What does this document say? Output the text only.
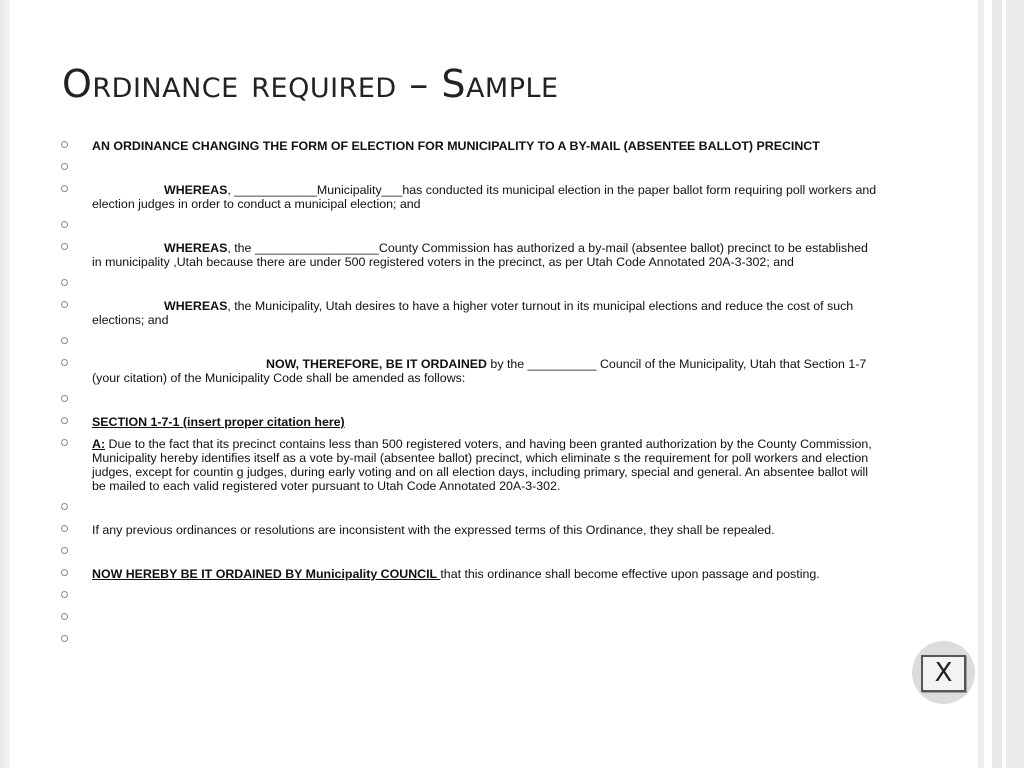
Ordinance required – Sample
AN ORDINANCE CHANGING THE FORM OF ELECTION FOR MUNICIPALITY TO A BY-MAIL (ABSENTEE BALLOT) PRECINCT
WHEREAS, ____________Municipality___has conducted its municipal election in the paper ballot form requiring poll workers and election judges in order to conduct a municipal election; and
WHEREAS, the __________________County Commission has authorized a by-mail (absentee ballot) precinct to be established in municipality ,Utah because there are under 500 registered voters in the precinct, as per Utah Code Annotated 20A-3-302; and
WHEREAS, the Municipality, Utah desires to have a higher voter turnout in its municipal elections and reduce the cost of such elections; and
NOW, THEREFORE, BE IT ORDAINED by the __________ Council of the Municipality, Utah that Section 1-7 (your citation) of the Municipality Code shall be amended as follows:
SECTION 1-7-1 (insert proper citation here)
A: Due to the fact that its precinct contains less than 500 registered voters, and having been granted authorization by the County Commission, Municipality hereby identifies itself as a vote by-mail (absentee ballot) precinct, which eliminate s the requirement for poll workers and election judges, except for countin g judges, during early voting and on all election days, including primary, special and general. An absentee ballot will be mailed to each valid registered voter pursuant to Utah Code Annotated 20A-3-302.
If any previous ordinances or resolutions are inconsistent with the expressed terms of this Ordinance, they shall be repealed.
NOW HEREBY BE IT ORDAINED BY Municipality COUNCIL that this ordinance shall become effective upon passage and posting.
X
